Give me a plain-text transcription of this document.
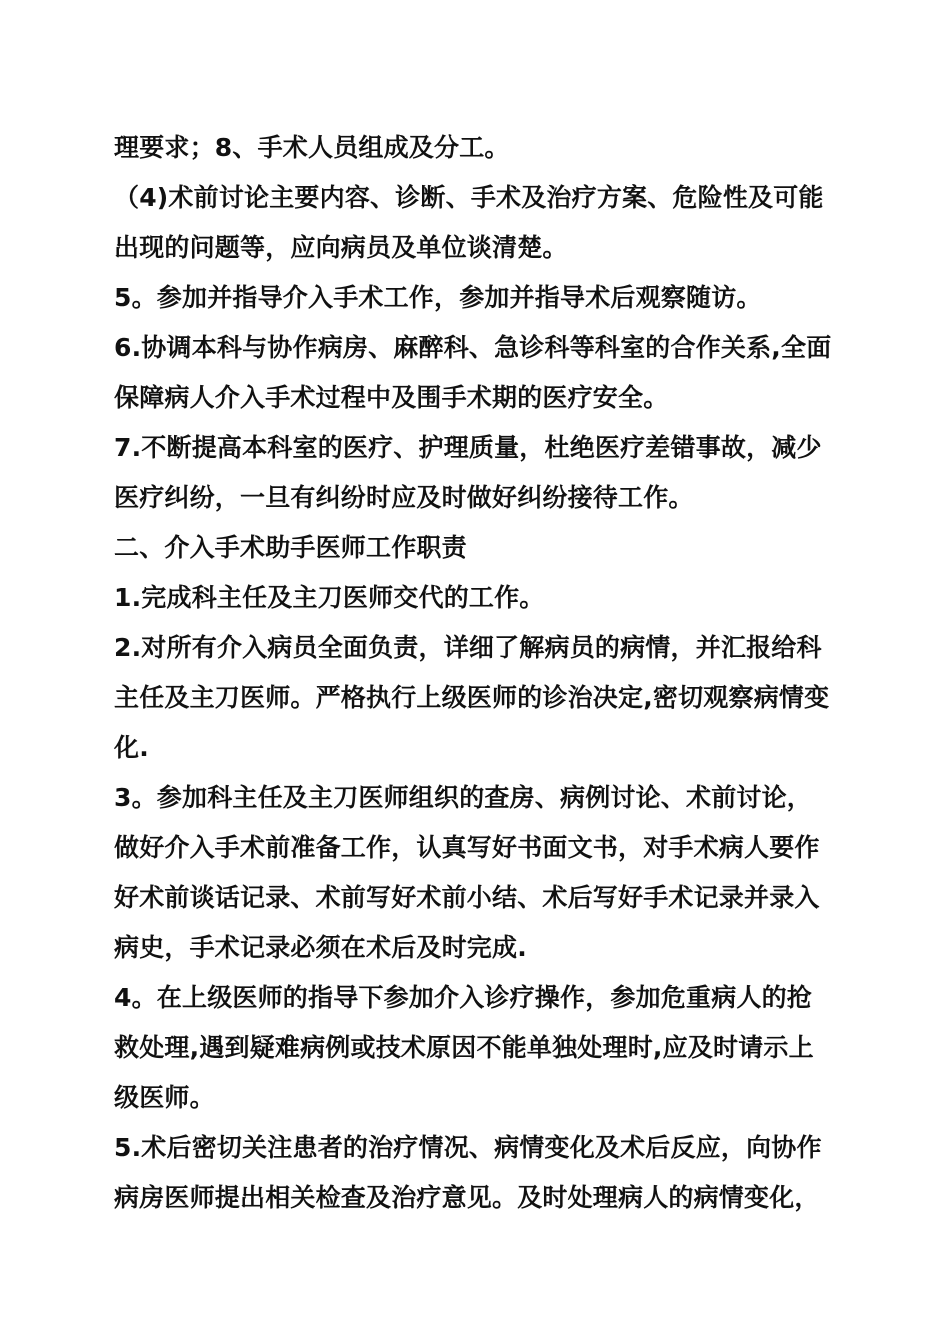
理要求；8、手术人员组成及分工。
（4)术前讨论主要内容、诊断、手术及治疗方案、危险性及可能
出现的问题等，应向病员及单位谈清楚。
5。参加并指导介入手术工作，参加并指导术后观察随访。
6.协调本科与协作病房、麻醉科、急诊科等科室的合作关系,全面
保障病人介入手术过程中及围手术期的医疗安全。
7.不断提高本科室的医疗、护理质量，杜绝医疗差错事故，减少
医疗纠纷，一旦有纠纷时应及时做好纠纷接待工作。
二、介入手术助手医师工作职责
1.完成科主任及主刀医师交代的工作。
2.对所有介入病员全面负责，详细了解病员的病情，并汇报给科
主任及主刀医师。严格执行上级医师的诊治决定,密切观察病情变
化.
3。参加科主任及主刀医师组织的查房、病例讨论、术前讨论，
做好介入手术前准备工作，认真写好书面文书，对手术病人要作
好术前谈话记录、术前写好术前小结、术后写好手术记录并录入
病史，手术记录必须在术后及时完成.
4。在上级医师的指导下参加介入诊疗操作，参加危重病人的抢
救处理,遇到疑难病例或技术原因不能单独处理时,应及时请示上
级医师。
5.术后密切关注患者的治疗情况、病情变化及术后反应，向协作
病房医师提出相关检查及治疗意见。及时处理病人的病情变化，
